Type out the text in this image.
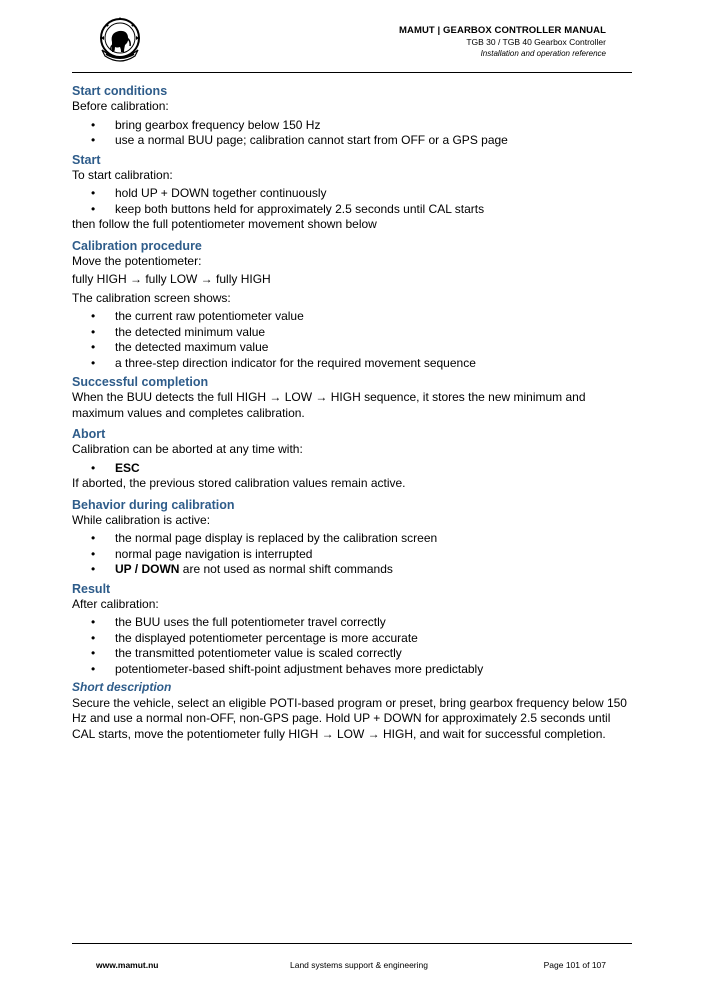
MAMUT | GEARBOX CONTROLLER MANUAL
TGB 30 / TGB 40 Gearbox Controller
Installation and operation reference
Start conditions

Before calibration:

• bring gearbox frequency below 150 Hz
• use a normal BUU page; calibration cannot start from OFF or a GPS page
Start

To start calibration:

• hold UP + DOWN together continuously
• keep both buttons held for approximately 2.5 seconds until CAL starts

then follow the full potentiometer movement shown below

Calibration procedure

Move the potentiometer:

fully HIGH → fully LOW → fully HIGH

The calibration screen shows:

• the current raw potentiometer value
• the detected minimum value
• the detected maximum value
• a three-step direction indicator for the required movement sequence
Successful completion

When the BUU detects the full HIGH → LOW → HIGH sequence, it stores the new minimum and maximum values and completes calibration.

Abort

Calibration can be aborted at any time with:

• ESC

If aborted, the previous stored calibration values remain active.

Behavior during calibration

While calibration is active:

• the normal page display is replaced by the calibration screen
• normal page navigation is interrupted
• UP / DOWN are not used as normal shift commands
Result

After calibration:

• the BUU uses the full potentiometer travel correctly
• the displayed potentiometer percentage is more accurate
• the transmitted potentiometer value is scaled correctly
• potentiometer-based shift-point adjustment behaves more predictably
Short description

Secure the vehicle, select an eligible POTI-based program or preset, bring gearbox frequency below 150 Hz and use a normal non-OFF, non-GPS page. Hold UP + DOWN for approximately 2.5 seconds until CAL starts, move the potentiometer fully HIGH → LOW → HIGH, and wait for successful completion.

www.mamut.nu	Land systems support & engineering	Page 101 of 107
